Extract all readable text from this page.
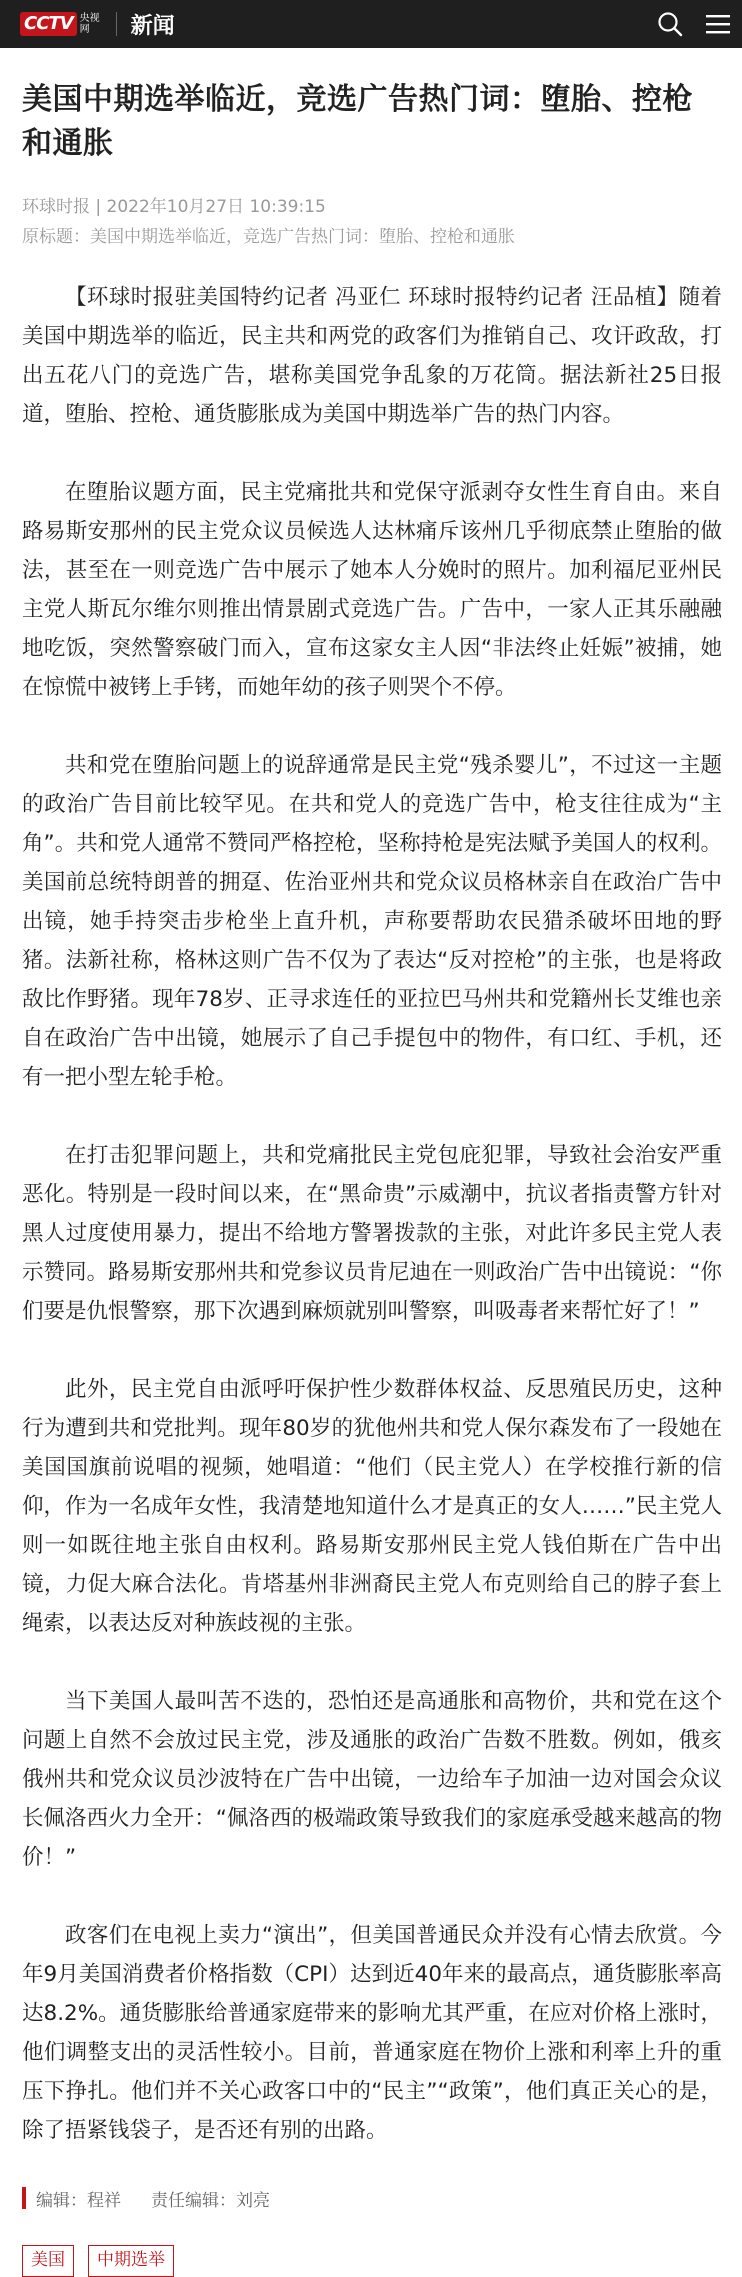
CCTV 央视网	新闻
美国中期选举临近，竞选广告热门词：堕胎、控枪和通胀
环球时报 | 2022年10月27日 10:39:15
原标题：美国中期选举临近，竞选广告热门词：堕胎、控枪和通胀

【环球时报驻美国特约记者 冯亚仁 环球时报特约记者 汪品植】随着美国中期选举的临近，民主共和两党的政客们为推销自己、攻讦政敌，打出五花八门的竞选广告，堪称美国党争乱象的万花筒。据法新社25日报道，堕胎、控枪、通货膨胀成为美国中期选举广告的热门内容。

在堕胎议题方面，民主党痛批共和党保守派剥夺女性生育自由。来自路易斯安那州的民主党众议员候选人达林痛斥该州几乎彻底禁止堕胎的做法，甚至在一则竞选广告中展示了她本人分娩时的照片。加利福尼亚州民主党人斯瓦尔维尔则推出情景剧式竞选广告。广告中，一家人正其乐融融地吃饭，突然警察破门而入，宣布这家女主人因“非法终止妊娠”被捕，她在惊慌中被铐上手铐，而她年幼的孩子则哭个不停。

共和党在堕胎问题上的说辞通常是民主党“残杀婴儿”，不过这一主题的政治广告目前比较罕见。在共和党人的竞选广告中，枪支往往成为“主角”。共和党人通常不赞同严格控枪，坚称持枪是宪法赋予美国人的权利。美国前总统特朗普的拥趸、佐治亚州共和党众议员格林亲自在政治广告中出镜，她手持突击步枪坐上直升机，声称要帮助农民猎杀破坏田地的野猪。法新社称，格林这则广告不仅为了表达“反对控枪”的主张，也是将政敌比作野猪。现年78岁、正寻求连任的亚拉巴马州共和党籍州长艾维也亲自在政治广告中出镜，她展示了自己手提包中的物件，有口红、手机，还有一把小型左轮手枪。

在打击犯罪问题上，共和党痛批民主党包庇犯罪，导致社会治安严重恶化。特别是一段时间以来，在“黑命贵”示威潮中，抗议者指责警方针对黑人过度使用暴力，提出不给地方警署拨款的主张，对此许多民主党人表示赞同。路易斯安那州共和党参议员肯尼迪在一则政治广告中出镜说：“你们要是仇恨警察，那下次遇到麻烦就别叫警察，叫吸毒者来帮忙好了！”

此外，民主党自由派呼吁保护性少数群体权益、反思殖民历史，这种行为遭到共和党批判。现年80岁的犹他州共和党人保尔森发布了一段她在美国国旗前说唱的视频，她唱道：“他们（民主党人）在学校推行新的信仰，作为一名成年女性，我清楚地知道什么才是真正的女人……”民主党人则一如既往地主张自由权利。路易斯安那州民主党人钱伯斯在广告中出镜，力促大麻合法化。肯塔基州非洲裔民主党人布克则给自己的脖子套上绳索，以表达反对种族歧视的主张。

当下美国人最叫苦不迭的，恐怕还是高通胀和高物价，共和党在这个问题上自然不会放过民主党，涉及通胀的政治广告数不胜数。例如，俄亥俄州共和党众议员沙波特在广告中出镜，一边给车子加油一边对国会众议长佩洛西火力全开：“佩洛西的极端政策导致我们的家庭承受越来越高的物价！”

政客们在电视上卖力“演出”，但美国普通民众并没有心情去欣赏。今年9月美国消费者价格指数（CPI）达到近40年来的最高点，通货膨胀率高达8.2%。通货膨胀给普通家庭带来的影响尤其严重，在应对价格上涨时，他们调整支出的灵活性较小。目前，普通家庭在物价上涨和利率上升的重压下挣扎。他们并不关心政客口中的“民主”“政策”，他们真正关心的是，除了捂紧钱袋子，是否还有别的出路。

编辑：程祥 责任编辑：刘亮
美国	中期选举
